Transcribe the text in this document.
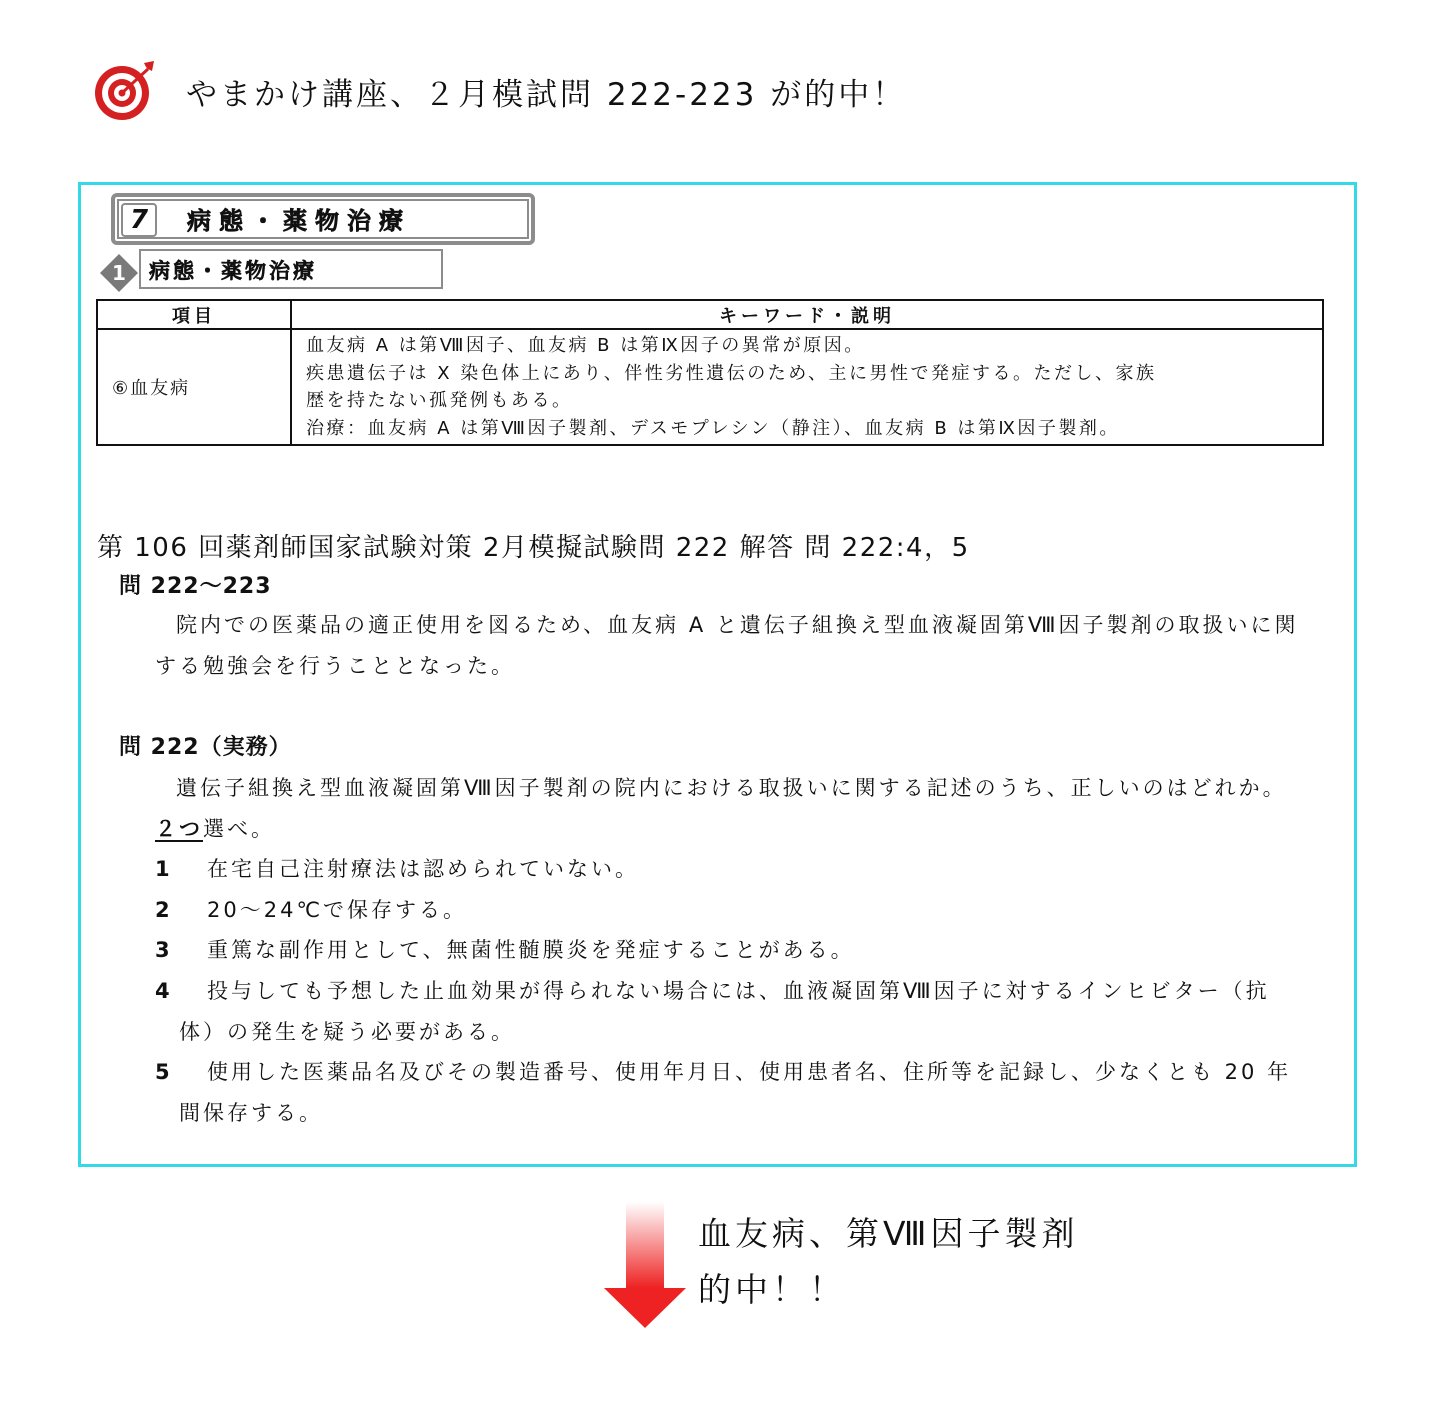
やまかけ講座、２月模試問 222-223 が的中！
7	病態・薬物治療
1 病態・薬物治療
項目	キーワード・説明
⑥血友病	血友病 A は第Ⅷ因子、血友病 B は第Ⅸ因子の異常が原因。
疾患遺伝子は X 染色体上にあり、伴性劣性遺伝のため、主に男性で発症する。ただし、家族
歴を持たない孤発例もある。
治療：血友病 A は第Ⅷ因子製剤、デスモプレシン（静注）、血友病 B は第Ⅸ因子製剤。
第 106 回薬剤師国家試験対策 2月模擬試験問 222 解答 問 222:4，5
問 222～223
院内での医薬品の適正使用を図るため、血友病 A と遺伝子組換え型血液凝固第Ⅷ因子製剤の取扱いに関する勉強会を行うこととなった。
問 222（実務）
遺伝子組換え型血液凝固第Ⅷ因子製剤の院内における取扱いに関する記述のうち、正しいのはどれか。２つ選べ。
1 在宅自己注射療法は認められていない。
2 20～24℃で保存する。
3 重篤な副作用として、無菌性髄膜炎を発症することがある。
4 投与しても予想した止血効果が得られない場合には、血液凝固第Ⅷ因子に対するインヒビター（抗体）の発生を疑う必要がある。
5 使用した医薬品名及びその製造番号、使用年月日、使用患者名、住所等を記録し、少なくとも 20 年間保存する。
血友病、第Ⅷ因子製剤
的中！！
